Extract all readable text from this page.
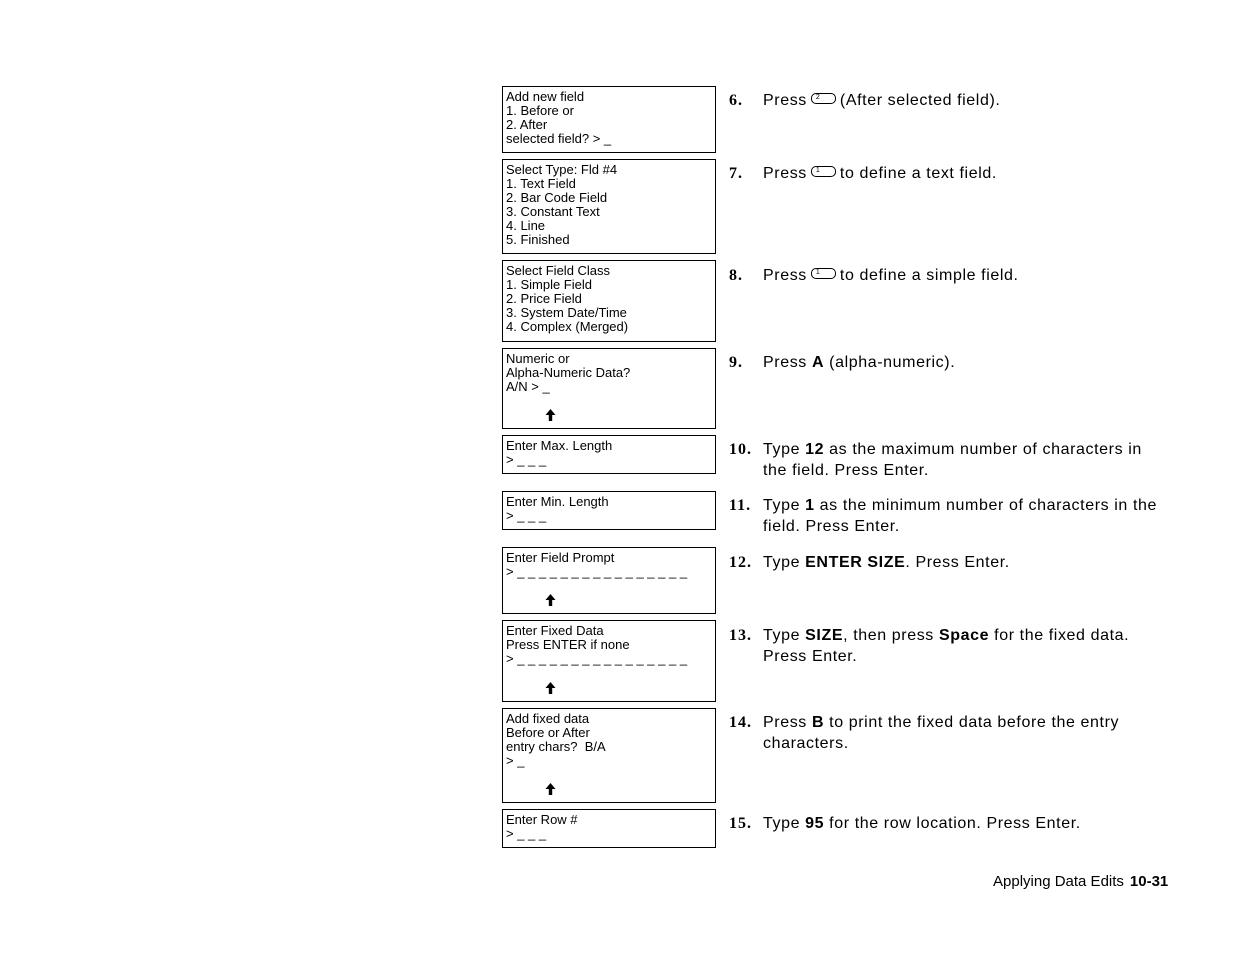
Add new field
1. Before or
2. After
selected field? > _
Select Type: Fld #4
1. Text Field
2. Bar Code Field
3. Constant Text
4. Line
5. Finished
Select Field Class
1. Simple Field
2. Price Field
3. System Date/Time
4. Complex (Merged)
Numeric or
Alpha-Numeric Data?
A/N > _
Enter Max. Length
> _ _ _
Enter Min. Length
> _ _ _
Enter Field Prompt
> _ _ _ _ _ _ _ _ _ _ _ _ _ _ _ _
Enter Fixed Data
Press ENTER if none
> _ _ _ _ _ _ _ _ _ _ _ _ _ _ _ _
Add fixed data
Before or After
entry chars?  B/A
> _
Enter Row #
> _ _ _
6. Press 2 (After selected field).
7. Press 1 to define a text field.
8. Press 1 to define a simple field.
9. Press A (alpha-numeric).
10. Type 12 as the maximum number of characters in the field. Press Enter.
11. Type 1 as the minimum number of characters in the field. Press Enter.
12. Type ENTER SIZE. Press Enter.
13. Type SIZE, then press Space for the fixed data. Press Enter.
14. Press B to print the fixed data before the entry characters.
15. Type 95 for the row location. Press Enter.
Applying Data Edits 10-31
